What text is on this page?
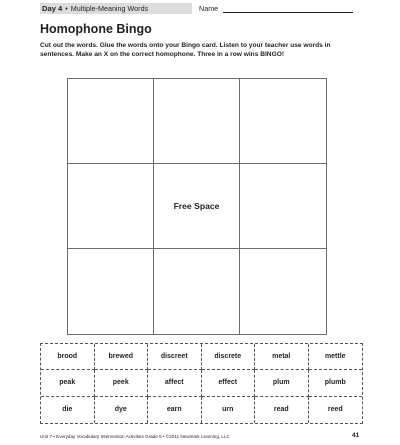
Day 4 • Multiple-Meaning Words	Name
Homophone Bingo

Cut out the words. Glue the words onto your Bingo card. Listen to your teacher use words in sentences. Make an X on the correct homophone. Three in a row wins BINGO!

Free Space
brood	brewed	discreet	discrete	metal	mettle
peak	peek	affect	effect	plum	plumb
die	dye	earn	urn	read	reed
Unit 7 • Everyday Vocabulary Intervention Activities Grade 5 • ©2011 Newmark Learning, LLC	41
